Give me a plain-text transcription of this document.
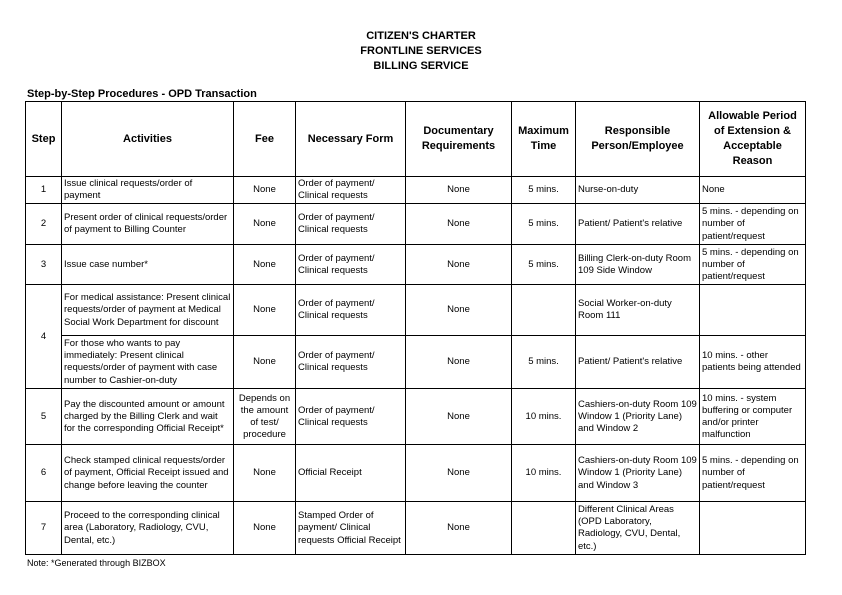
CITIZEN'S CHARTER
FRONTLINE SERVICES
BILLING SERVICE
Step-by-Step Procedures - OPD Transaction
Step	Activities	Fee	Necessary Form	Documentary Requirements	Maximum Time	Responsible Person/Employee	Allowable Period of Extension & Acceptable Reason
1	Issue clinical requests/order of payment	None	Order of payment/ Clinical requests	None	5 mins.	Nurse-on-duty	None
2	Present order of clinical requests/order of payment to Billing Counter	None	Order of payment/ Clinical requests	None	5 mins.	Patient/ Patient's relative	5 mins. - depending on number of patient/request
3	Issue case number*	None	Order of payment/ Clinical requests	None	5 mins.	Billing Clerk-on-duty Room 109 Side Window	5 mins. - depending on number of patient/request
4	For medical assistance: Present clinical requests/order of payment at Medical Social Work Department for discount	None	Order of payment/ Clinical requests	None		Social Worker-on-duty Room 111	
	For those who wants to pay immediately: Present clinical requests/order of payment with case number to Cashier-on-duty	None	Order of payment/ Clinical requests	None	5 mins.	Patient/ Patient's relative	10 mins. - other patients being attended
5	Pay the discounted amount or amount charged by the Billing Clerk and wait for the corresponding Official Receipt*	Depends on the amount of test/ procedure	Order of payment/ Clinical requests	None	10 mins.	Cashiers-on-duty Room 109 Window 1 (Priority Lane) and Window 2	10 mins. - system buffering or computer and/or printer malfunction
6	Check stamped clinical requests/order of payment, Official Receipt issued and change before leaving the counter	None	Official Receipt	None	10 mins.	Cashiers-on-duty Room 109 Window 1 (Priority Lane) and Window 3	5 mins. - depending on number of patient/request
7	Proceed to the corresponding clinical area (Laboratory, Radiology, CVU, Dental, etc.)	None	Stamped Order of payment/ Clinical requests Official Receipt	None		Different Clinical Areas (OPD Laboratory, Radiology, CVU, Dental, etc.)	
Note: *Generated through BIZBOX
